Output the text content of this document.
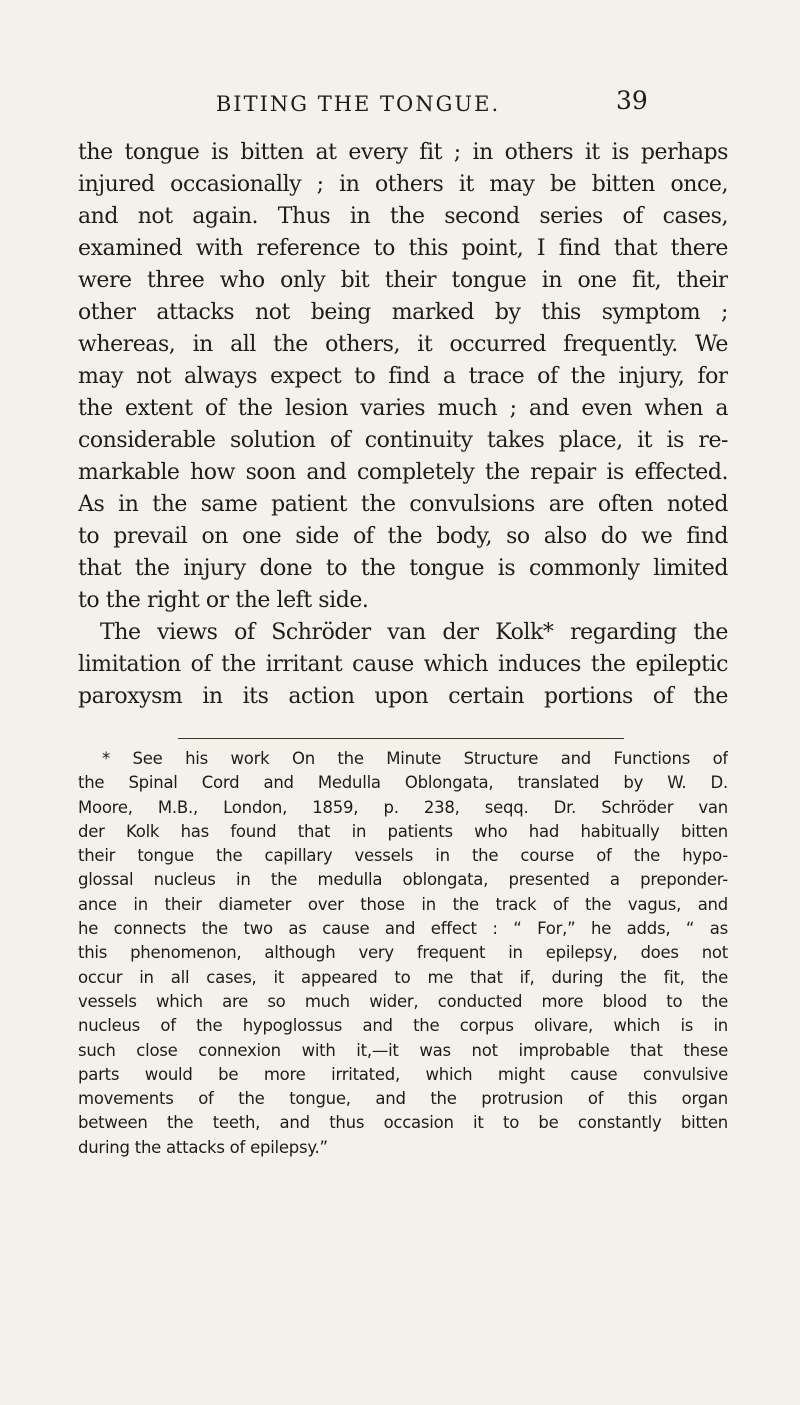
BITING THE TONGUE.	39
the tongue is bitten at every fit ; in others it is perhaps
injured occasionally ; in others it may be bitten once,
and not again. Thus in the second series of cases,
examined with reference to this point, I find that there
were three who only bit their tongue in one fit, their
other attacks not being marked by this symptom ;
whereas, in all the others, it occurred frequently. We
may not always expect to find a trace of the injury, for
the extent of the lesion varies much ; and even when a
considerable solution of continuity takes place, it is re-
markable how soon and completely the repair is effected.
As in the same patient the convulsions are often noted
to prevail on one side of the body, so also do we find
that the injury done to the tongue is commonly limited
to the right or the left side.
The views of Schröder van der Kolk* regarding the
limitation of the irritant cause which induces the epileptic
paroxysm in its action upon certain portions of the
* See his work On the Minute Structure and Functions of
the Spinal Cord and Medulla Oblongata, translated by W. D.
Moore, M.B., London, 1859, p. 238, seqq. Dr. Schröder van
der Kolk has found that in patients who had habitually bitten
their tongue the capillary vessels in the course of the hypo-
glossal nucleus in the medulla oblongata, presented a preponder-
ance in their diameter over those in the track of the vagus, and
he connects the two as cause and effect : “ For,” he adds, “ as
this phenomenon, although very frequent in epilepsy, does not
occur in all cases, it appeared to me that if, during the fit, the
vessels which are so much wider, conducted more blood to the
nucleus of the hypoglossus and the corpus olivare, which is in
such close connexion with it,—it was not improbable that these
parts would be more irritated, which might cause convulsive
movements of the tongue, and the protrusion of this organ
between the teeth, and thus occasion it to be constantly bitten
during the attacks of epilepsy.”
